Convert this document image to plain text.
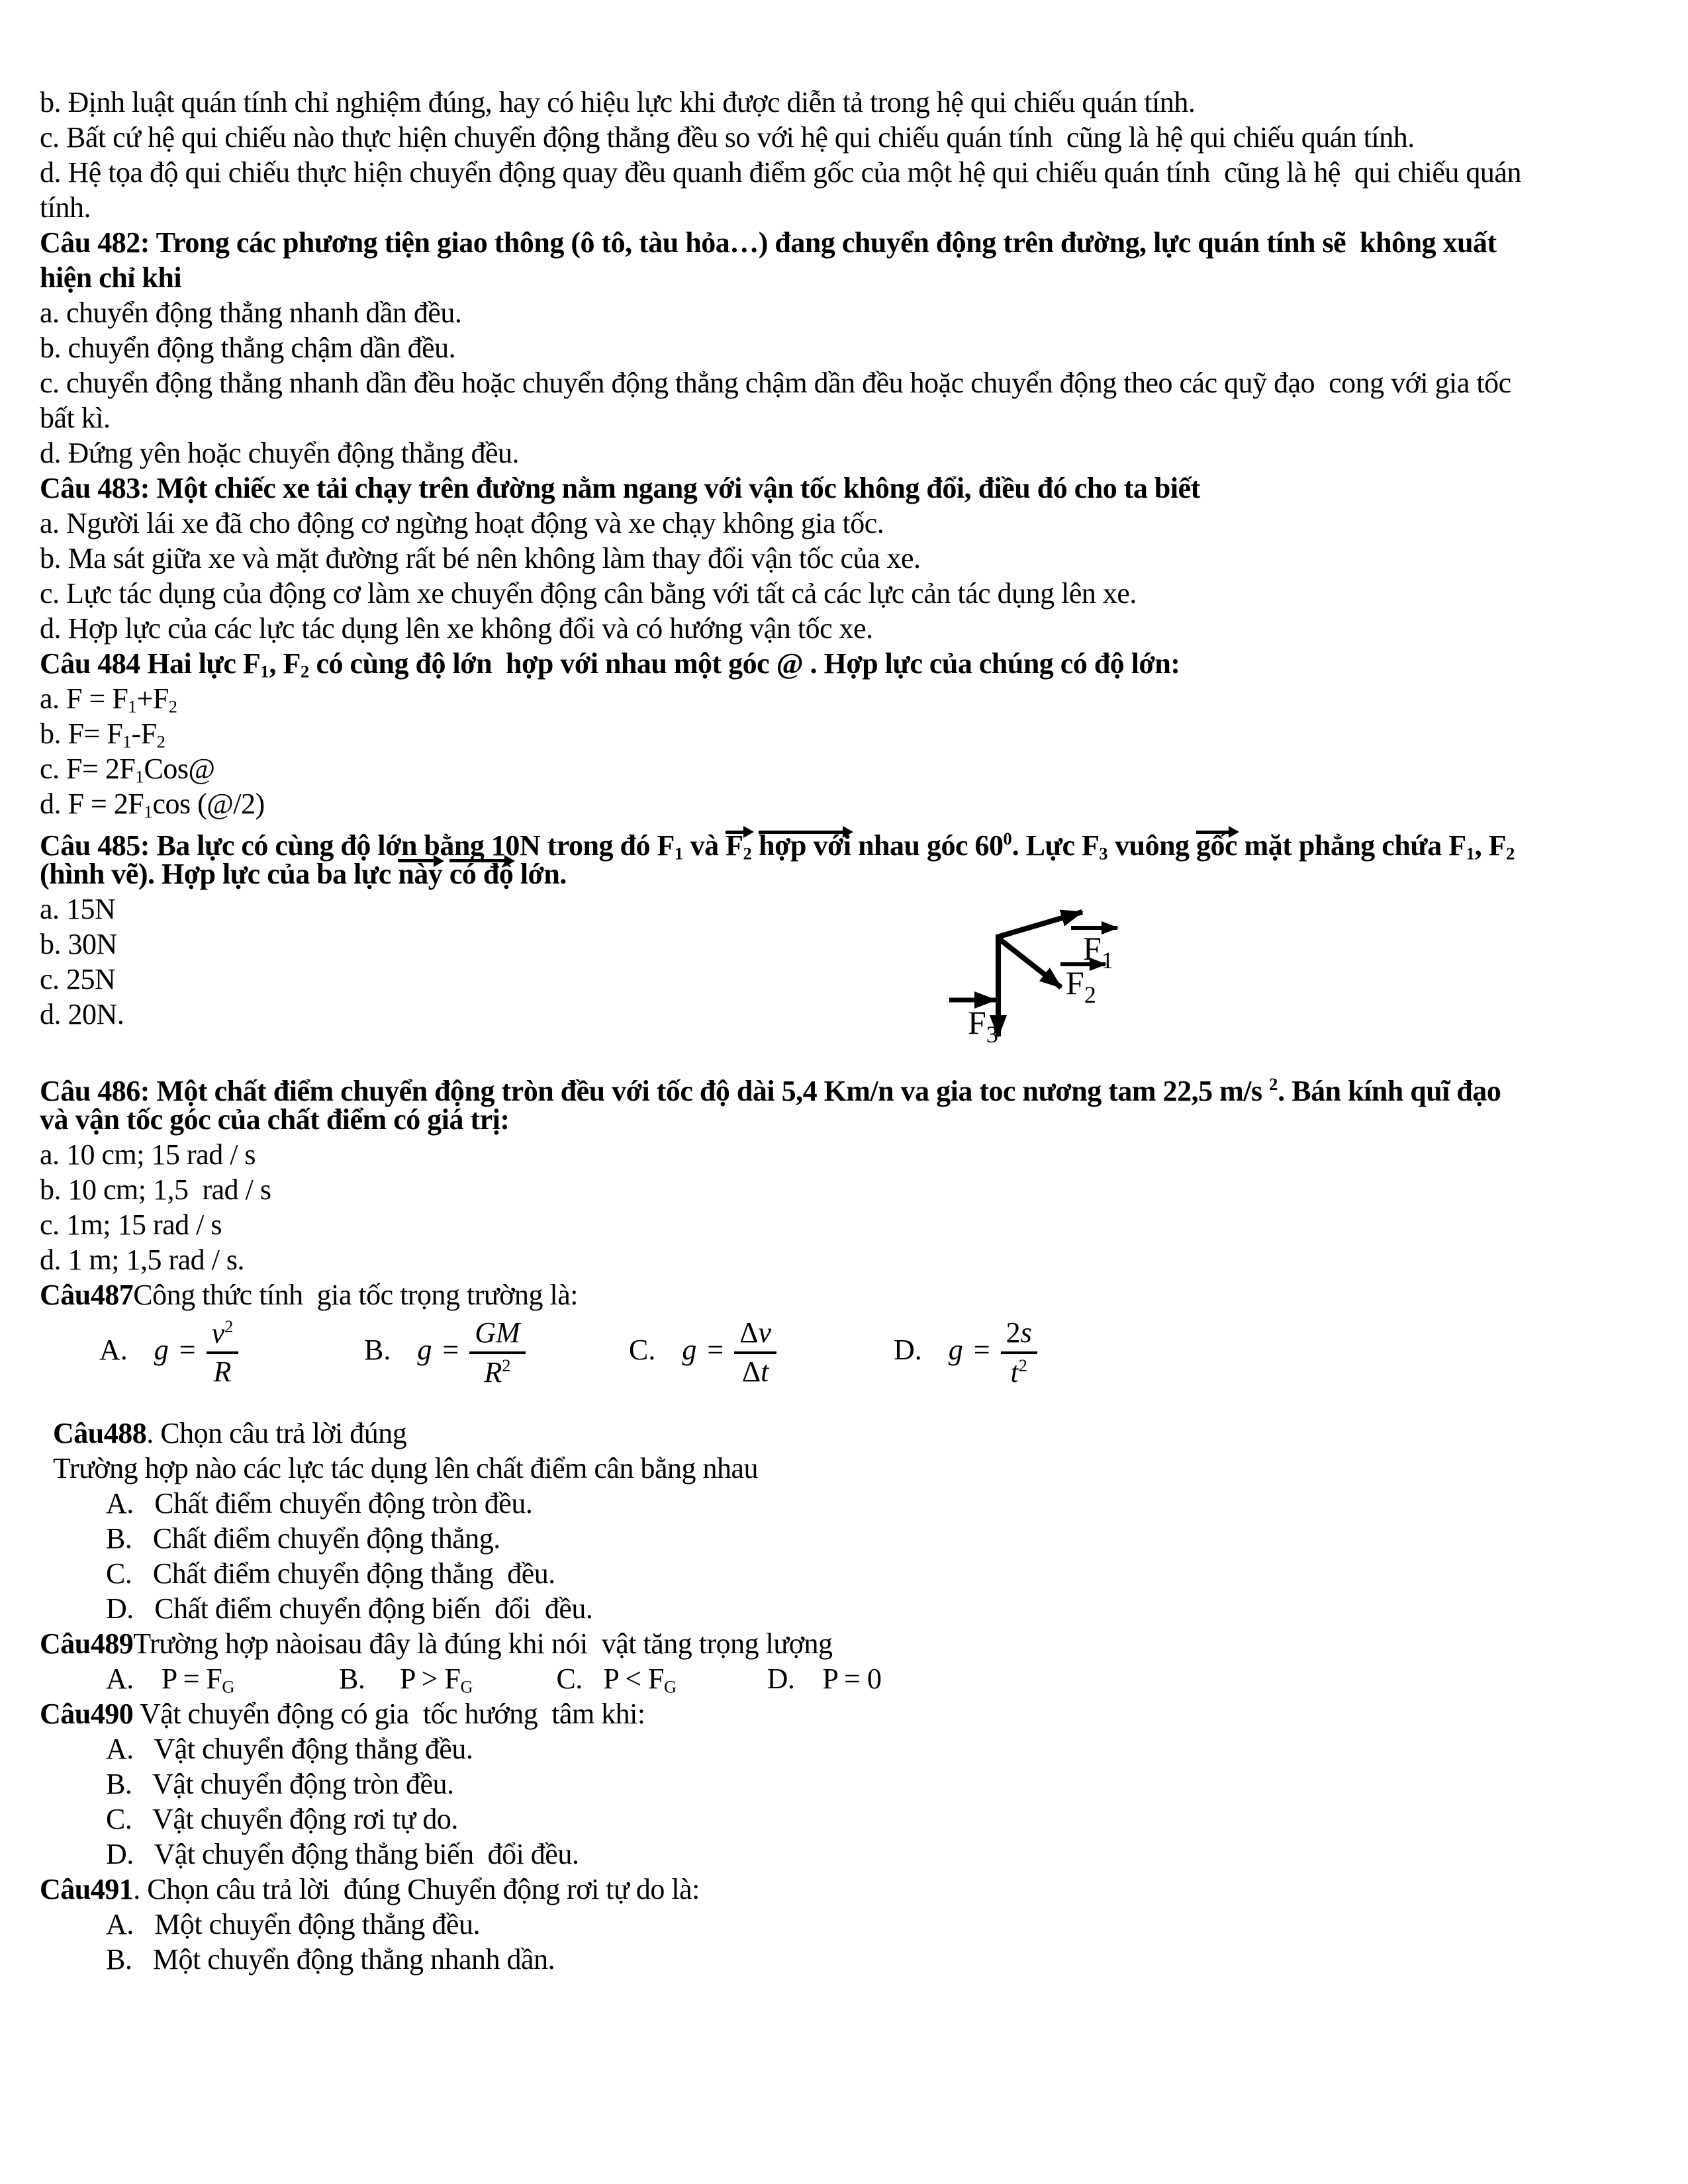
b. Định luật quán tính chỉ nghiệm đúng, hay có hiệu lực khi được diễn tả trong hệ qui chiếu quán tính.
c. Bất cứ hệ qui chiếu nào thực hiện chuyển động thẳng đều so với hệ qui chiếu quán tính  cũng là hệ qui chiếu quán tính.
d. Hệ tọa độ qui chiếu thực hiện chuyển động quay đều quanh điểm gốc của một hệ qui chiếu quán tính  cũng là hệ  qui chiếu quán
tính.
Câu 482: Trong các phương tiện giao thông (ô tô, tàu hỏa…) đang chuyển động trên đường, lực quán tính sẽ  không xuất
hiện chỉ khi
a. chuyển động thẳng nhanh dần đều.
b. chuyển động thẳng chậm dần đều.
c. chuyển động thẳng nhanh dần đều hoặc chuyển động thẳng chậm dần đều hoặc chuyển động theo các quỹ đạo  cong với gia tốc
bất kì.
d. Đứng yên hoặc chuyển động thẳng đều.
Câu 483: Một chiếc xe tải chạy trên đường nằm ngang với vận tốc không đổi, điều đó cho ta biết
a. Người lái xe đã cho động cơ ngừng hoạt động và xe chạy không gia tốc.
b. Ma sát giữa xe và mặt đường rất bé nên không làm thay đổi vận tốc của xe.
c. Lực tác dụng của động cơ làm xe chuyển động cân bằng với tất cả các lực cản tác dụng lên xe.
d. Hợp lực của các lực tác dụng lên xe không đổi và có hướng vận tốc xe.
Câu 484 Hai lực $F_1$, $F_2$ có cùng độ lớn  hợp với nhau một góc @ . Hợp lực của chúng có độ lớn:
a. $F = F_1+F_2$
b. $F= F_1-F_2$
c. $F= 2F_1Cos@$
d. $F = 2F_1\cos$ (@/2)
Câu 485: Ba lực có cùng độ lớn bằng 10N trong đó $F_1$ và $F_2$ hợp với nhau góc $60^0$. Lực $F_3$ vuông gốc mặt phẳng chứa $F_1$, $F_2$
(hình vẽ). Hợp lực của ba lực này có độ lớn.
a. 15N
b. 30N
c. 25N
d. 20N.
Câu 486: Một chất điểm chuyển động tròn đều với tốc độ dài 5,4 Km/n va gia toc nương tam 22,5 m/s $^2$. Bán kính quĩ đạo
và vận tốc góc của chất điểm có giá trị:
a. 10 cm; 15 rad / s
b. 10 cm; 1,5  rad / s
c. 1m; 15 rad / s
d. 1 m; 1,5 rad / s.
Câu487Công thức tính  gia tốc trọng trường là:
A. $g = \frac{v^2}{R}$	B. $g = \frac{GM}{R^2}$	C. $g = \frac{\Delta v}{\Delta t}$	D. $g = \frac{2s}{t^2}$
Câu488. Chọn câu trả lời đúng
Trường hợp nào các lực tác dụng lên chất điểm cân bằng nhau
A.   Chất điểm chuyển động tròn đều.
B.   Chất điểm chuyển động thẳng.
C.   Chất điểm chuyển động thẳng  đều.
D.   Chất điểm chuyển động biến  đổi  đều.
Câu489Trường hợp nàoisau đây là đúng khi nói  vật tăng trọng lượng
A.    $P = F_G$               B.     $P > F_G$            C.   $P < F_G$             D.    P = 0
Câu490 Vật chuyển động có gia  tốc hướng  tâm khi:
A.   Vật chuyển động thẳng đều.
B.   Vật chuyển động tròn đều.
C.   Vật chuyển động rơi tự do.
D.   Vật chuyển động thẳng biến  đổi đều.
Câu491. Chọn câu trả lời  đúng Chuyển động rơi tự do là:
A.   Một chuyển động thẳng đều.
B.   Một chuyển động thẳng nhanh dần.
$F_1$
$F_2$
$F_3$
